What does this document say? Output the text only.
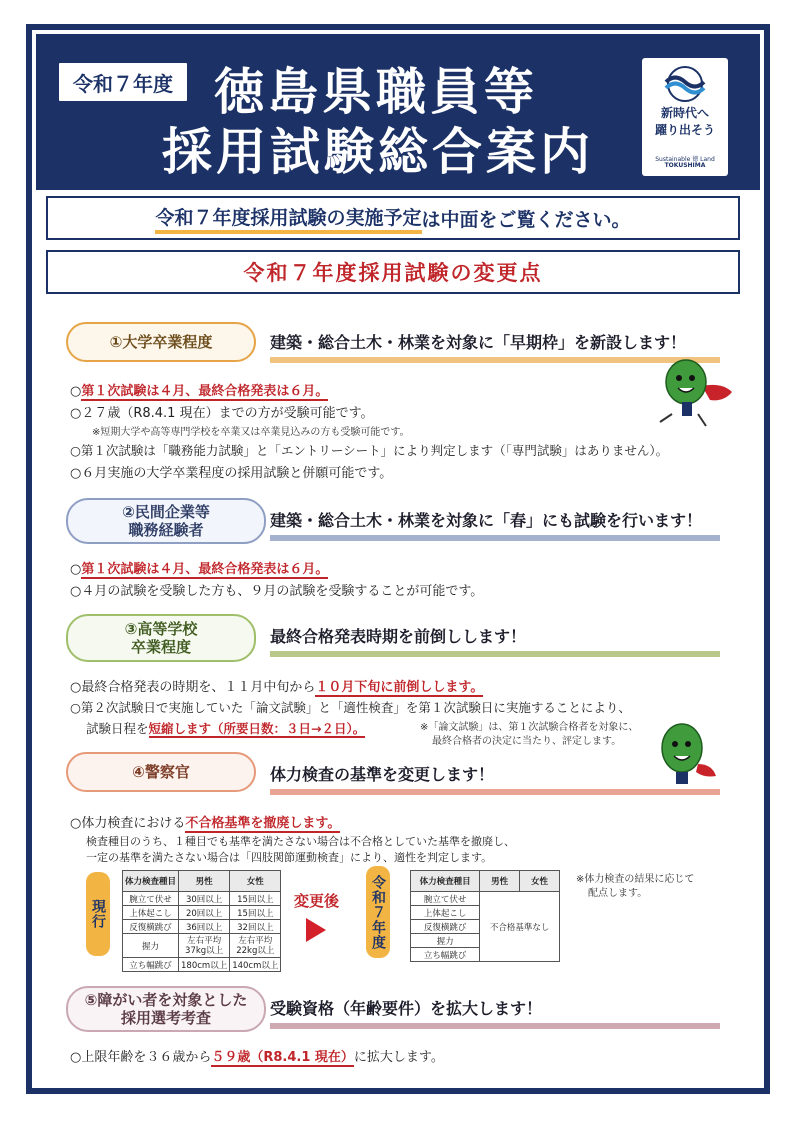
令和７年度 徳島県職員等
採用試験総合案内
新時代へ
躍り出そう
Sustainable 徳 Land
TOKUSHIMA
令和７年度採用試験の実施予定 は中面をご覧ください。
令和７年度採用試験の変更点
①大学卒業程度	建築・総合土木・林業を対象に「早期枠」を新設します！
○第１次試験は４月、最終合格発表は６月。
○２７歳（R8.4.1 現在）までの方が受験可能です。
※短期大学や高等専門学校を卒業又は卒業見込みの方も受験可能です。
○第１次試験は「職務能力試験」と「エントリーシート」により判定します（「専門試験」はありません）。
○６月実施の大学卒業程度の採用試験と併願可能です。
②民間企業等
職務経験者	建築・総合土木・林業を対象に「春」にも試験を行います！
○第１次試験は４月、最終合格発表は６月。
○４月の試験を受験した方も、９月の試験を受験することが可能です。
③高等学校
卒業程度
最終合格発表時期を前倒しします！
○最終合格発表の時期を、１１月中旬から１０月下旬に前倒しします。
○第２次試験日で実施していた「論文試験」と「適性検査」を第１次試験日に実施することにより、
試験日程を短縮します（所要日数：３日→２日）。	※「論文試験」は、第１次試験合格者を対象に、
最終合格者の決定に当たり、評定します。
④警察官	体力検査の基準を変更します！
○体力検査における不合格基準を撤廃します。
検査種目のうち、１種目でも基準を満たさない場合は不合格としていた基準を撤廃し、
一定の基準を満たさない場合は「四肢関節運動検査」により、適性を判定します。
現行
体力検査種目	男性	女性
腕立て伏せ	30回以上	15回以上
上体起こし	20回以上	15回以上
反復横跳び	36回以上	32回以上
握力	左右平均 37kg以上	左右平均 22kg以上
立ち幅跳び	180cm以上	140cm以上
変更後 令和７年度	体力検査種目	男性	女性
腕立て伏せ	不合格基準なし	
上体起こし		
反復横跳び		
握力		
立ち幅跳び		
※体力検査の結果に応じて
配点します。
⑤障がい者を対象とした
採用選考考査	受験資格（年齢要件）を拡大します！
○上限年齢を３６歳から５９歳（R8.4.1 現在）に拡大します。
